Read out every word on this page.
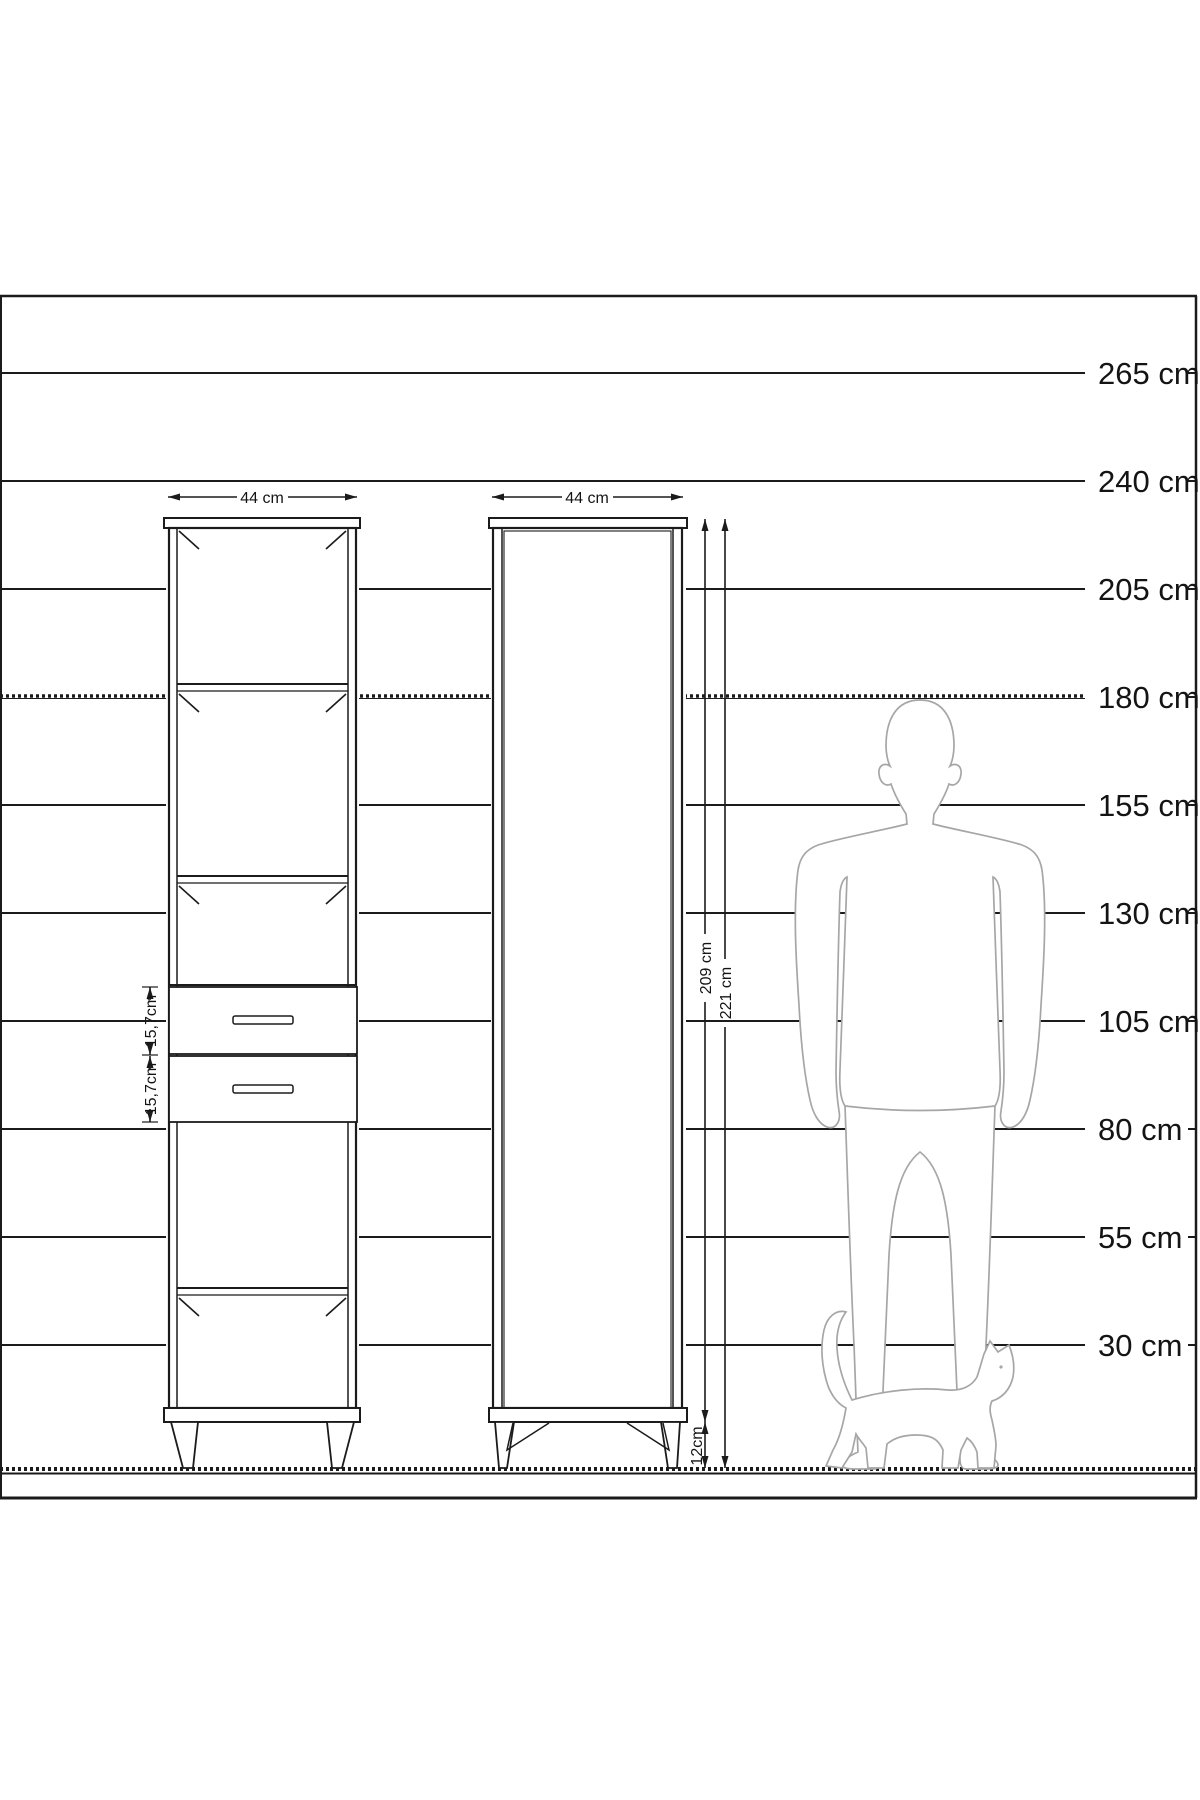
44 cm	44 cm
209 cm 221 cm
12cm
15,7cm
15,7cm
265 cm
240 cm
205 cm
180 cm
155 cm
130 cm
105 cm
80 cm
55 cm
30 cm
